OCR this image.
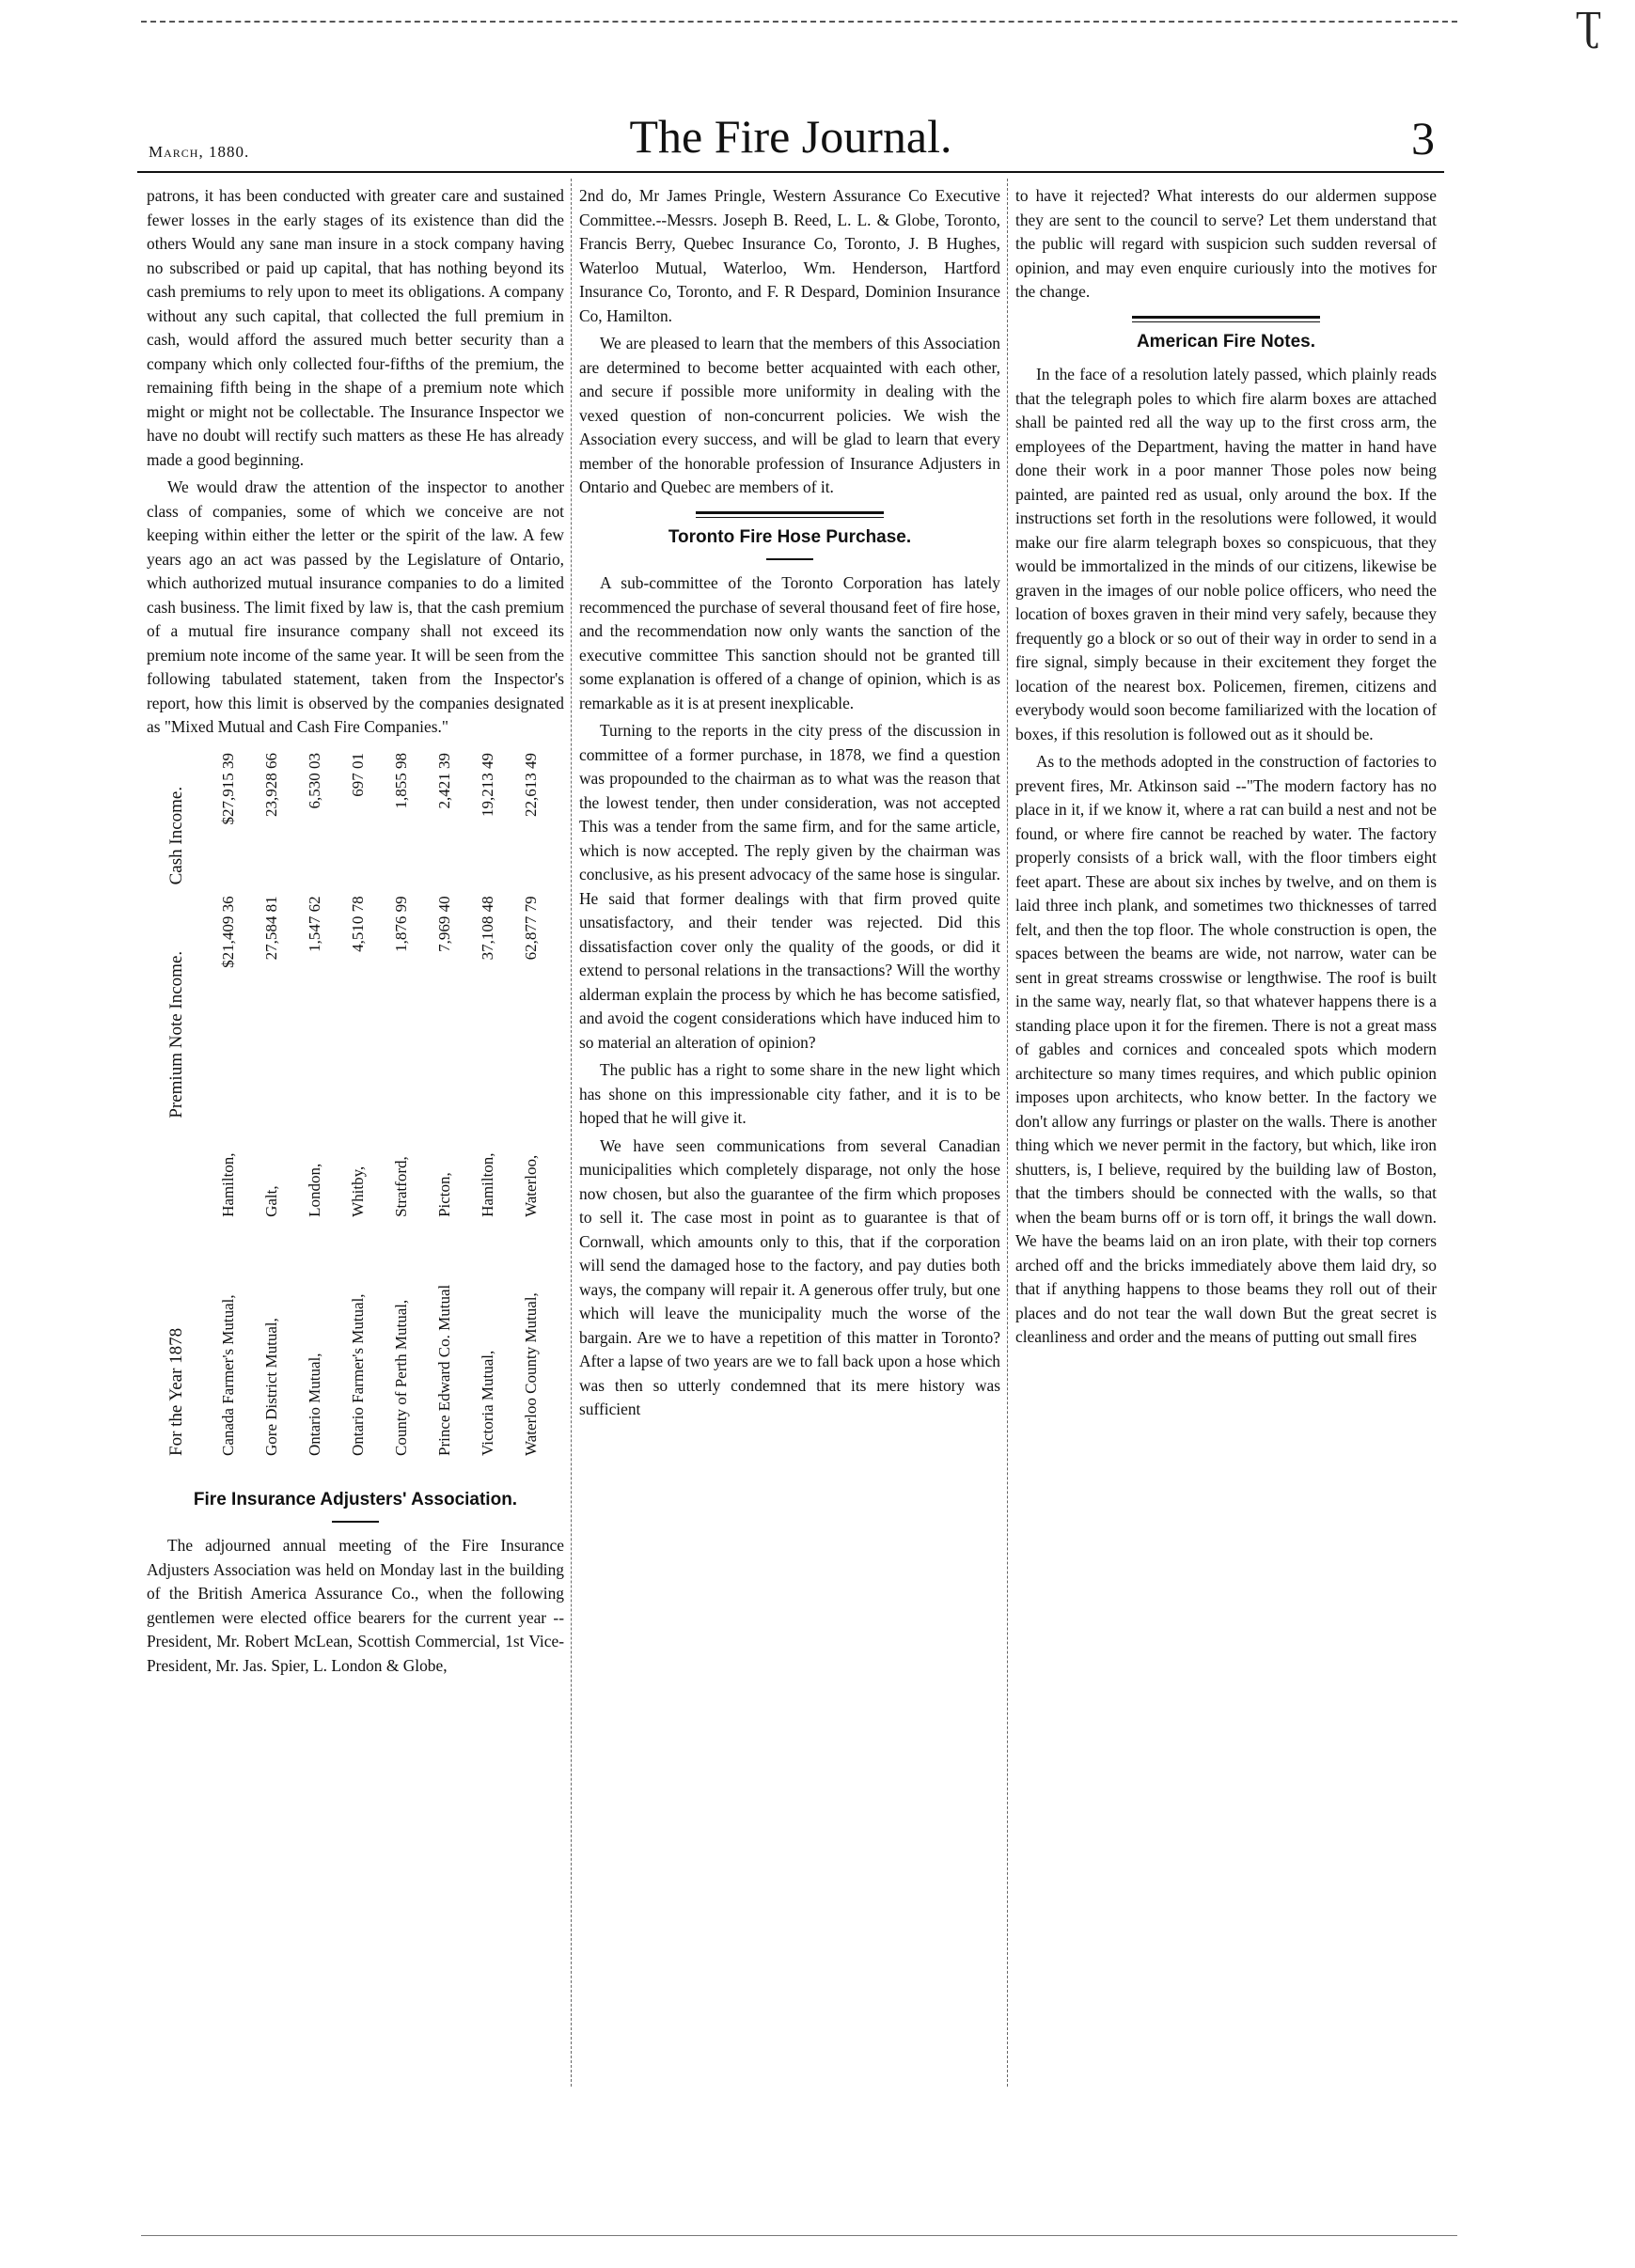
Ʈ
March, 1880.	The Fire Journal.	3

patrons, it has been conducted with greater care and sustained fewer losses in the early stages of its existence than did the others Would any sane man insure in a stock company having no subscribed or paid up capital, that has nothing beyond its cash premiums to rely upon to meet its obligations. A company without any such capital, that collected the full premium in cash, would afford the assured much better security than a company which only collected four-fifths of the premium, the remaining fifth being in the shape of a premium note which might or might not be collectable. The Insurance Inspector we have no doubt will rectify such matters as these He has already made a good beginning.

We would draw the attention of the inspector to another class of companies, some of which we conceive are not keeping within either the letter or the spirit of the law. A few years ago an act was passed by the Legislature of Ontario, which authorized mutual insurance companies to do a limited cash business. The limit fixed by law is, that the cash premium of a mutual fire insurance company shall not exceed its premium note income of the same year. It will be seen from the following tabulated statement, taken from the Inspector's report, how this limit is observed by the companies designated as "Mixed Mutual and Cash Fire Companies."

For the Year 1878		Premium Note Income.	Cash Income.
Canada Farmer's Mutual,	Hamilton,	$21,409 36	$27,915 39
Gore District Mutual,	Galt,	27,584 81	23,928 66
Ontario Mutual,	London,	1,547 62	6,530 03
Ontario Farmer's Mutual,	Whitby,	4,510 78	697 01
County of Perth Mutual,	Stratford,	1,876 99	1,855 98
Prince Edward Co. Mutual	Picton,	7,969 40	2,421 39
Victoria Mutual,	Hamilton,	37,108 48	19,213 49
Waterloo County Mutual,	Waterloo,	62,877 79	22,613 49
Fire Insurance Adjusters' Association.

The adjourned annual meeting of the Fire Insurance Adjusters Association was held on Monday last in the building of the British America Assurance Co., when the following gentlemen were elected office bearers for the current year --President, Mr. Robert McLean, Scottish Commercial, 1st Vice-President, Mr. Jas. Spier, L. London & Globe,

2nd do, Mr James Pringle, Western Assurance Co Executive Committee.--Messrs. Joseph B. Reed, L. L. & Globe, Toronto, Francis Berry, Quebec Insurance Co, Toronto, J. B Hughes, Waterloo Mutual, Waterloo, Wm. Henderson, Hartford Insurance Co, Toronto, and F. R Despard, Dominion Insurance Co, Hamilton.

We are pleased to learn that the members of this Association are determined to become better acquainted with each other, and secure if possible more uniformity in dealing with the vexed question of non-concurrent policies. We wish the Association every success, and will be glad to learn that every member of the honorable profession of Insurance Adjusters in Ontario and Quebec are members of it.

Toronto Fire Hose Purchase.

A sub-committee of the Toronto Corporation has lately recommenced the purchase of several thousand feet of fire hose, and the recommendation now only wants the sanction of the executive committee This sanction should not be granted till some explanation is offered of a change of opinion, which is as remarkable as it is at present inexplicable.

Turning to the reports in the city press of the discussion in committee of a former purchase, in 1878, we find a question was propounded to the chairman as to what was the reason that the lowest tender, then under consideration, was not accepted This was a tender from the same firm, and for the same article, which is now accepted. The reply given by the chairman was conclusive, as his present advocacy of the same hose is singular. He said that former dealings with that firm proved quite unsatisfactory, and their tender was rejected. Did this dissatisfaction cover only the quality of the goods, or did it extend to personal relations in the transactions? Will the worthy alderman explain the process by which he has become satisfied, and avoid the cogent considerations which have induced him to so material an alteration of opinion?

The public has a right to some share in the new light which has shone on this impressionable city father, and it is to be hoped that he will give it.

We have seen communications from several Canadian municipalities which completely disparage, not only the hose now chosen, but also the guarantee of the firm which proposes to sell it. The case most in point as to guarantee is that of Cornwall, which amounts only to this, that if the corporation will send the damaged hose to the factory, and pay duties both ways, the company will repair it. A generous offer truly, but one which will leave the municipality much the worse of the bargain. Are we to have a repetition of this matter in Toronto? After a lapse of two years are we to fall back upon a hose which was then so utterly condemned that its mere history was sufficient

to have it rejected? What interests do our aldermen suppose they are sent to the council to serve? Let them understand that the public will regard with suspicion such sudden reversal of opinion, and may even enquire curiously into the motives for the change.

American Fire Notes.

In the face of a resolution lately passed, which plainly reads that the telegraph poles to which fire alarm boxes are attached shall be painted red all the way up to the first cross arm, the employees of the Department, having the matter in hand have done their work in a poor manner Those poles now being painted, are painted red as usual, only around the box. If the instructions set forth in the resolutions were followed, it would make our fire alarm telegraph boxes so conspicuous, that they would be immortalized in the minds of our citizens, likewise be graven in the images of our noble police officers, who need the location of boxes graven in their mind very safely, because they frequently go a block or so out of their way in order to send in a fire signal, simply because in their excitement they forget the location of the nearest box. Policemen, firemen, citizens and everybody would soon become familiarized with the location of boxes, if this resolution is followed out as it should be.

As to the methods adopted in the construction of factories to prevent fires, Mr. Atkinson said --"The modern factory has no place in it, if we know it, where a rat can build a nest and not be found, or where fire cannot be reached by water. The factory properly consists of a brick wall, with the floor timbers eight feet apart. These are about six inches by twelve, and on them is laid three inch plank, and sometimes two thicknesses of tarred felt, and then the top floor. The whole construction is open, the spaces between the beams are wide, not narrow, water can be sent in great streams crosswise or lengthwise. The roof is built in the same way, nearly flat, so that whatever happens there is a standing place upon it for the firemen. There is not a great mass of gables and cornices and concealed spots which modern architecture so many times requires, and which public opinion imposes upon architects, who know better. In the factory we don't allow any furrings or plaster on the walls. There is another thing which we never permit in the factory, but which, like iron shutters, is, I believe, required by the building law of Boston, that the timbers should be connected with the walls, so that when the beam burns off or is torn off, it brings the wall down. We have the beams laid on an iron plate, with their top corners arched off and the bricks immediately above them laid dry, so that if anything happens to those beams they roll out of their places and do not tear the wall down But the great secret is cleanliness and order and the means of putting out small fires
